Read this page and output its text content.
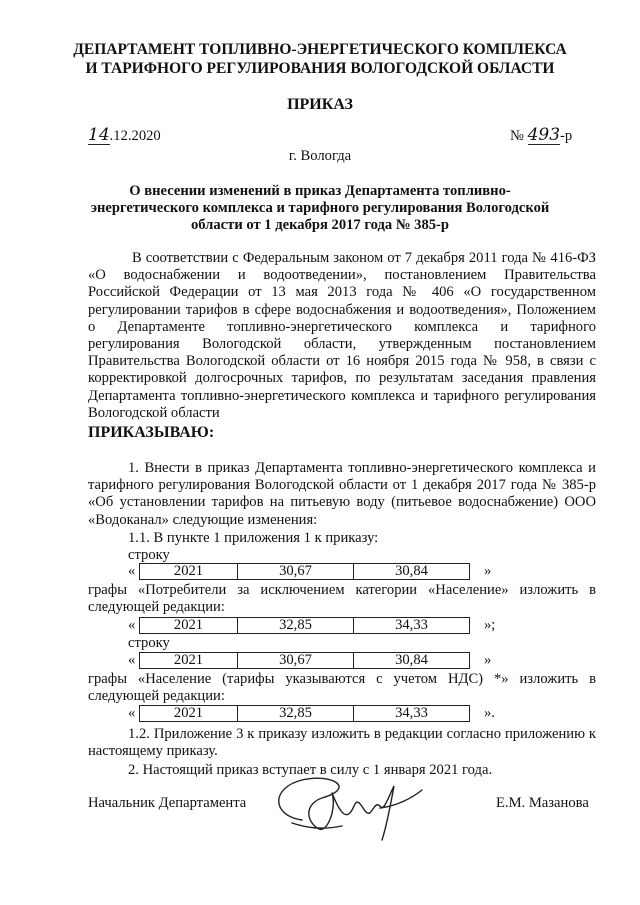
ДЕПАРТАМЕНТ ТОПЛИВНО-ЭНЕРГЕТИЧЕСКОГО КОМПЛЕКСА
И ТАРИФНОГО РЕГУЛИРОВАНИЯ ВОЛОГОДСКОЙ ОБЛАСТИ
ПРИКАЗ
14.12.2020	№ 493-р
г. Вологда
О внесении изменений в приказ Департамента топливно-
энергетического комплекса и тарифного регулирования Вологодской
области от 1 декабря 2017 года № 385-р
В соответствии с Федеральным законом от 7 декабря 2011 года № 416-ФЗ «О водоснабжении и водоотведении», постановлением Правительства Российской Федерации от 13 мая 2013 года № 406 «О государственном регулировании тарифов в сфере водоснабжения и водоотведения», Положением о Департаменте топливно-энергетического комплекса и тарифного регулирования Вологодской области, утвержденным постановлением Правительства Вологодской области от 16 ноября 2015 года № 958, в связи с корректировкой долгосрочных тарифов, по результатам заседания правления Департамента топливно-энергетического комплекса и тарифного регулирования Вологодской области
ПРИКАЗЫВАЮ:
1. Внести в приказ Департамента топливно-энергетического комплекса и тарифного регулирования Вологодской области от 1 декабря 2017 года № 385-р «Об установлении тарифов на питьевую воду (питьевое водоснабжение) ООО «Водоканал» следующие изменения:
1.1. В пункте 1 приложения 1 к приказу:
строку
«	2021	30,67	30,84	»
графы «Потребители за исключением категории «Население» изложить в
следующей редакции:
«	2021	32,85	34,33	»;
строку
«	2021	30,67	30,84	»
графы «Население (тарифы указываются с учетом НДС) *» изложить в
следующей редакции:
«	2021	32,85	34,33	».
1.2. Приложение 3 к приказу изложить в редакции согласно приложению к настоящему приказу.
2. Настоящий приказ вступает в силу с 1 января 2021 года.
Начальник Департамента	Е.М. Мазанова
